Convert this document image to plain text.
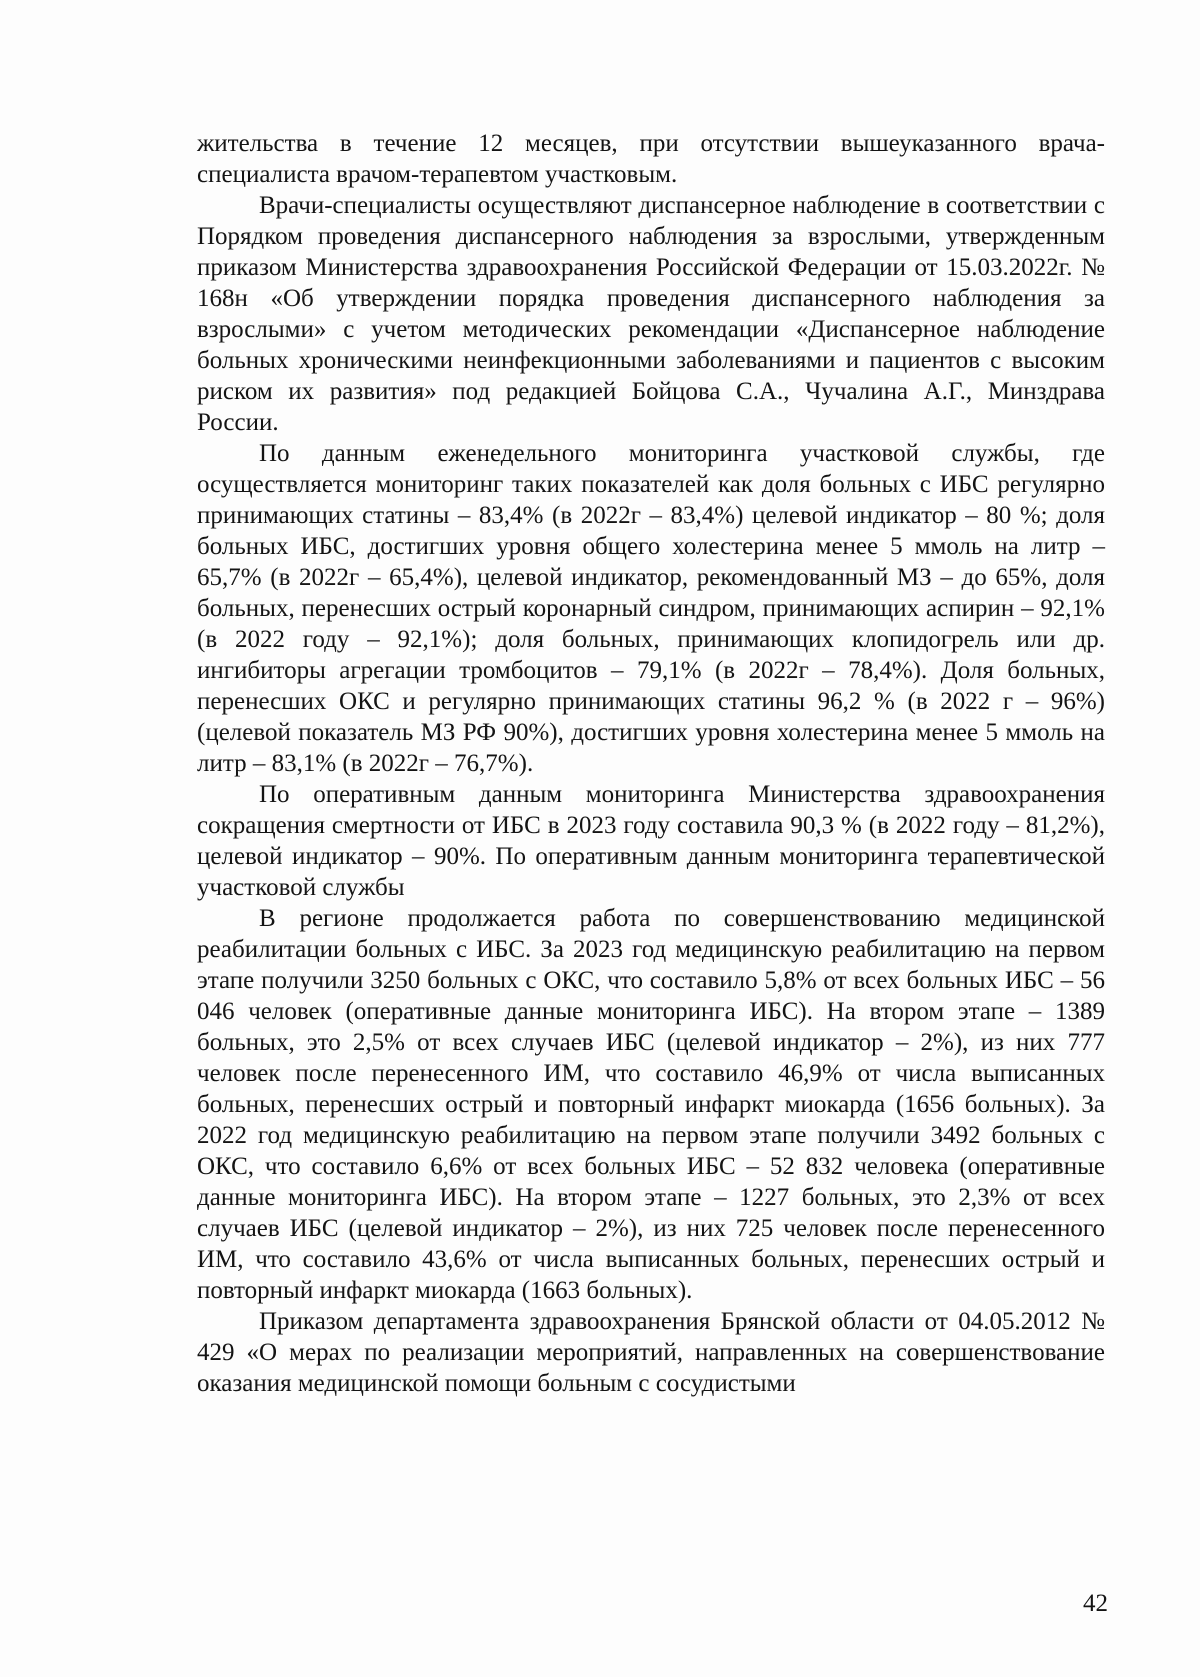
жительства в течение 12 месяцев, при отсутствии вышеуказанного врача-специалиста врачом-терапевтом участковым.

Врачи-специалисты осуществляют диспансерное наблюдение в соответствии с Порядком проведения диспансерного наблюдения за взрослыми, утвержденным приказом Министерства здравоохранения Российской Федерации от 15.03.2022г. № 168н «Об утверждении порядка проведения диспансерного наблюдения за взрослыми» с учетом методических рекомендации «Диспансерное наблюдение больных хроническими неинфекционными заболеваниями и пациентов с высоким риском их развития» под редакцией Бойцова С.А., Чучалина А.Г., Минздрава России.

По данным еженедельного мониторинга участковой службы, где осуществляется мониторинг таких показателей как доля больных с ИБС регулярно принимающих статины – 83,4% (в 2022г – 83,4%) целевой индикатор – 80 %; доля больных ИБС, достигших уровня общего холестерина менее 5 ммоль на литр – 65,7% (в 2022г – 65,4%), целевой индикатор, рекомендованный МЗ – до 65%, доля больных, перенесших острый коронарный синдром, принимающих аспирин – 92,1% (в 2022 году – 92,1%); доля больных, принимающих клопидогрель или др. ингибиторы агрегации тромбоцитов – 79,1% (в 2022г – 78,4%). Доля больных, перенесших ОКС и регулярно принимающих статины 96,2 % (в 2022 г – 96%) (целевой показатель МЗ РФ 90%), достигших уровня холестерина менее 5 ммоль на литр – 83,1% (в 2022г – 76,7%).

По оперативным данным мониторинга Министерства здравоохранения сокращения смертности от ИБС в 2023 году составила 90,3 % (в 2022 году – 81,2%), целевой индикатор – 90%. По оперативным данным мониторинга терапевтической участковой службы

В регионе продолжается работа по совершенствованию медицинской реабилитации больных с ИБС. За 2023 год медицинскую реабилитацию на первом этапе получили 3250 больных с ОКС, что составило 5,8% от всех больных ИБС – 56 046 человек (оперативные данные мониторинга ИБС). На втором этапе – 1389 больных, это 2,5% от всех случаев ИБС (целевой индикатор – 2%), из них 777 человек после перенесенного ИМ, что составило 46,9% от числа выписанных больных, перенесших острый и повторный инфаркт миокарда (1656 больных). За 2022 год медицинскую реабилитацию на первом этапе получили 3492 больных с ОКС, что составило 6,6% от всех больных ИБС – 52 832 человека (оперативные данные мониторинга ИБС). На втором этапе – 1227 больных, это 2,3% от всех случаев ИБС (целевой индикатор – 2%), из них 725 человек после перенесенного ИМ, что составило 43,6% от числа выписанных больных, перенесших острый и повторный инфаркт миокарда (1663 больных).

Приказом департамента здравоохранения Брянской области от 04.05.2012 № 429 «О мерах по реализации мероприятий, направленных на совершенствование оказания медицинской помощи больным с сосудистыми

42
